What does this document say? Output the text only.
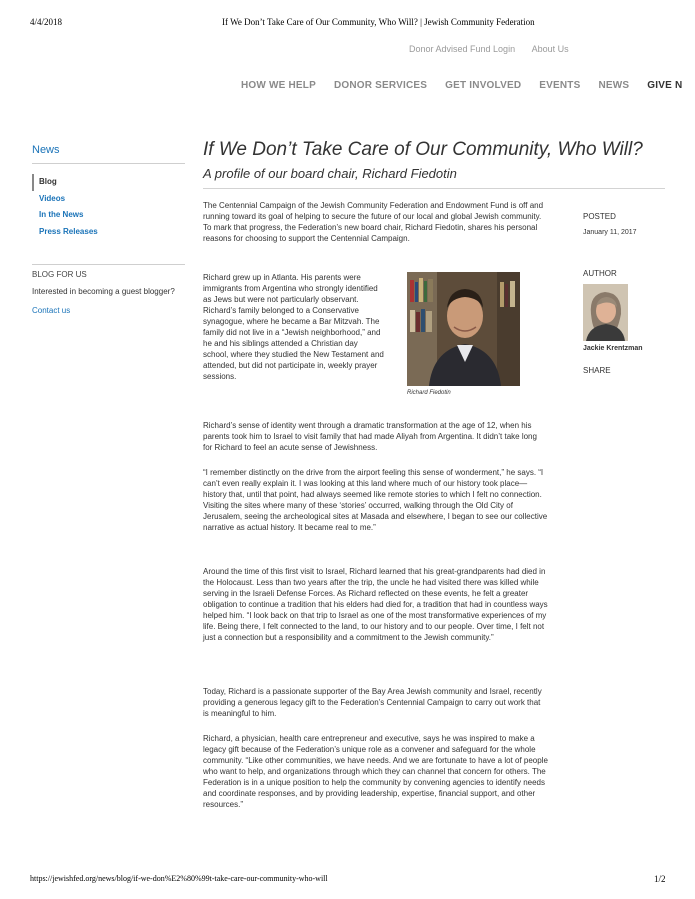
4/4/2018	If We Don’t Take Care of Our Community, Who Will? | Jewish Community Federation
Donor Advised Fund Login About Us
HOW WE HELP DONOR SERVICES GET INVOLVED EVENTS NEWS GIVE N
News
Blog
Videos
In the News
Press Releases
BLOG FOR US
Interested in becoming a guest blogger?
Contact us
If We Don’t Take Care of Our Community, Who Will?
A profile of our board chair, Richard Fiedotin

The Centennial Campaign of the Jewish Community Federation and Endowment Fund is off and running toward its goal of helping to secure the future of our local and global Jewish community. To mark that progress, the Federation’s new board chair, Richard Fiedotin, shares his personal reasons for choosing to support the Centennial Campaign.

Richard grew up in Atlanta. His parents were immigrants from Argentina who strongly identified as Jews but were not particularly observant. Richard’s family belonged to a Conservative synagogue, where he became a Bar Mitzvah. The family did not live in a “Jewish neighborhood,” and he and his siblings attended a Christian day school, where they studied the New Testament and attended, but did not participate in, weekly prayer sessions.

Richard Fiedotin

Richard’s sense of identity went through a dramatic transformation at the age of 12, when his parents took him to Israel to visit family that had made Aliyah from Argentina. It didn’t take long for Richard to feel an acute sense of Jewishness.

“I remember distinctly on the drive from the airport feeling this sense of wonderment,” he says. “I can’t even really explain it. I was looking at this land where much of our history took place—history that, until that point, had always seemed like remote stories to which I felt no connection. Visiting the sites where many of these ‘stories’ occurred, walking through the Old City of Jerusalem, seeing the archeological sites at Masada and elsewhere, I began to see our collective narrative as actual history. It became real to me.”

Around the time of this first visit to Israel, Richard learned that his great-grandparents had died in the Holocaust. Less than two years after the trip, the uncle he had visited there was killed while serving in the Israeli Defense Forces. As Richard reflected on these events, he felt a greater obligation to continue a tradition that his elders had died for, a tradition that had in countless ways helped him. “I look back on that trip to Israel as one of the most transformative experiences of my life. Being there, I felt connected to the land, to our history and to our people. Over time, I felt not just a connection but a responsibility and a commitment to the Jewish community.”

Today, Richard is a passionate supporter of the Bay Area Jewish community and Israel, recently providing a generous legacy gift to the Federation’s Centennial Campaign to carry out work that is meaningful to him.

Richard, a physician, health care entrepreneur and executive, says he was inspired to make a legacy gift because of the Federation’s unique role as a convener and safeguard for the whole community. “Like other communities, we have needs. And we are fortunate to have a lot of people who want to help, and organizations through which they can channel that concern for others. The Federation is in a unique position to help the community by convening agencies to identify needs and coordinate responses, and by providing leadership, expertise, financial support, and other resources.”

POSTED
January 11, 2017
AUTHOR
Jackie Krentzman
SHARE
https://jewishfed.org/news/blog/if-we-don%E2%80%99t-take-care-our-community-who-will	1/2
